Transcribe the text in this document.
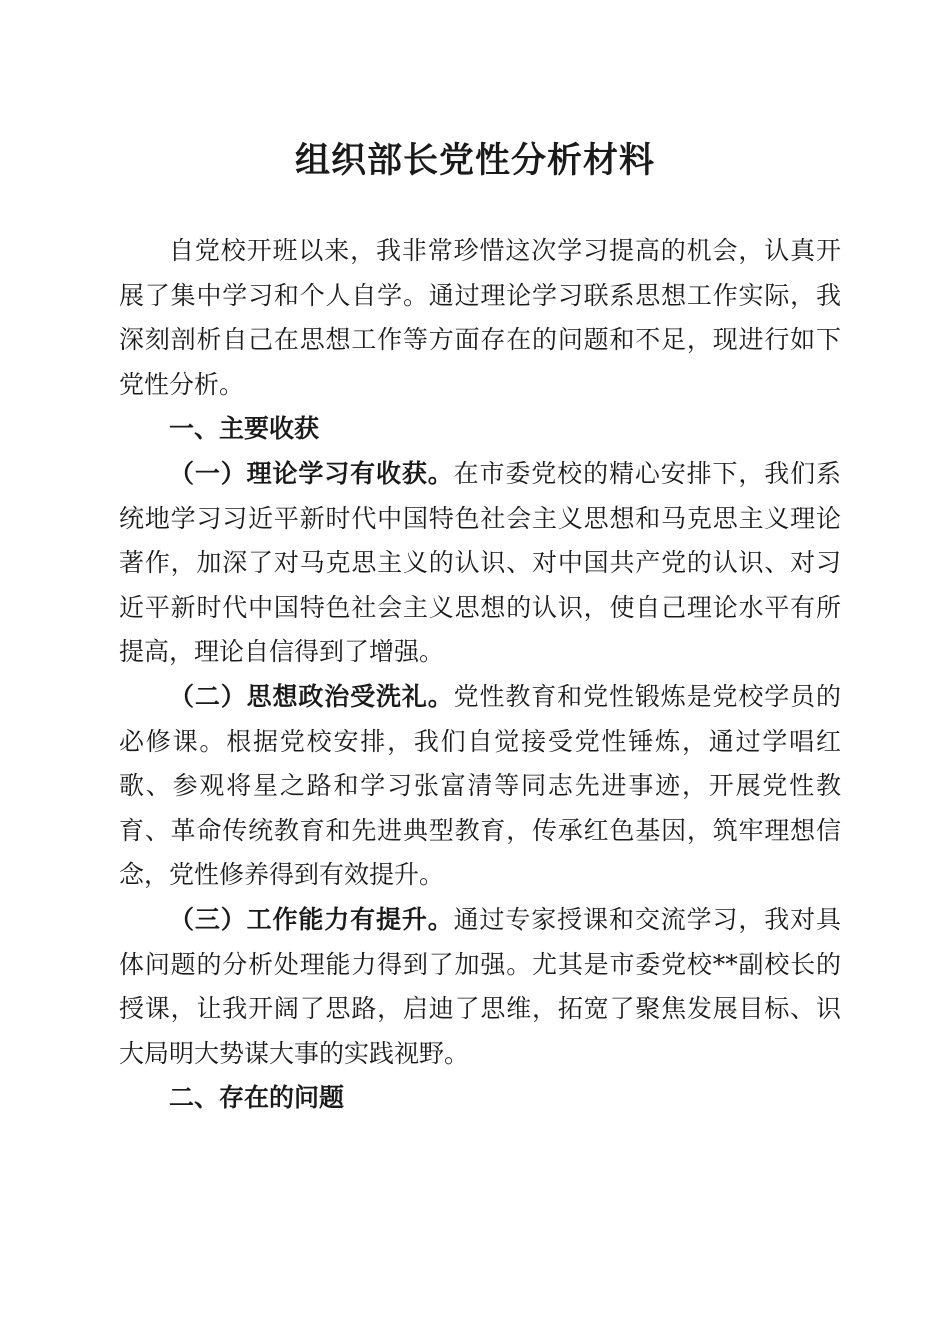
组织部长党性分析材料

自党校开班以来，我非常珍惜这次学习提高的机会，认真开展了集中学习和个人自学。通过理论学习联系思想工作实际，我深刻剖析自己在思想工作等方面存在的问题和不足，现进行如下党性分析。

一、主要收获

（一）理论学习有收获。在市委党校的精心安排下，我们系统地学习习近平新时代中国特色社会主义思想和马克思主义理论著作，加深了对马克思主义的认识、对中国共产党的认识、对习近平新时代中国特色社会主义思想的认识，使自己理论水平有所提高，理论自信得到了增强。

（二）思想政治受洗礼。党性教育和党性锻炼是党校学员的必修课。根据党校安排，我们自觉接受党性锤炼，通过学唱红歌、参观将星之路和学习张富清等同志先进事迹，开展党性教育、革命传统教育和先进典型教育，传承红色基因，筑牢理想信念，党性修养得到有效提升。

（三）工作能力有提升。通过专家授课和交流学习，我对具体问题的分析处理能力得到了加强。尤其是市委党校**副校长的授课，让我开阔了思路，启迪了思维，拓宽了聚焦发展目标、识大局明大势谋大事的实践视野。

二、存在的问题
